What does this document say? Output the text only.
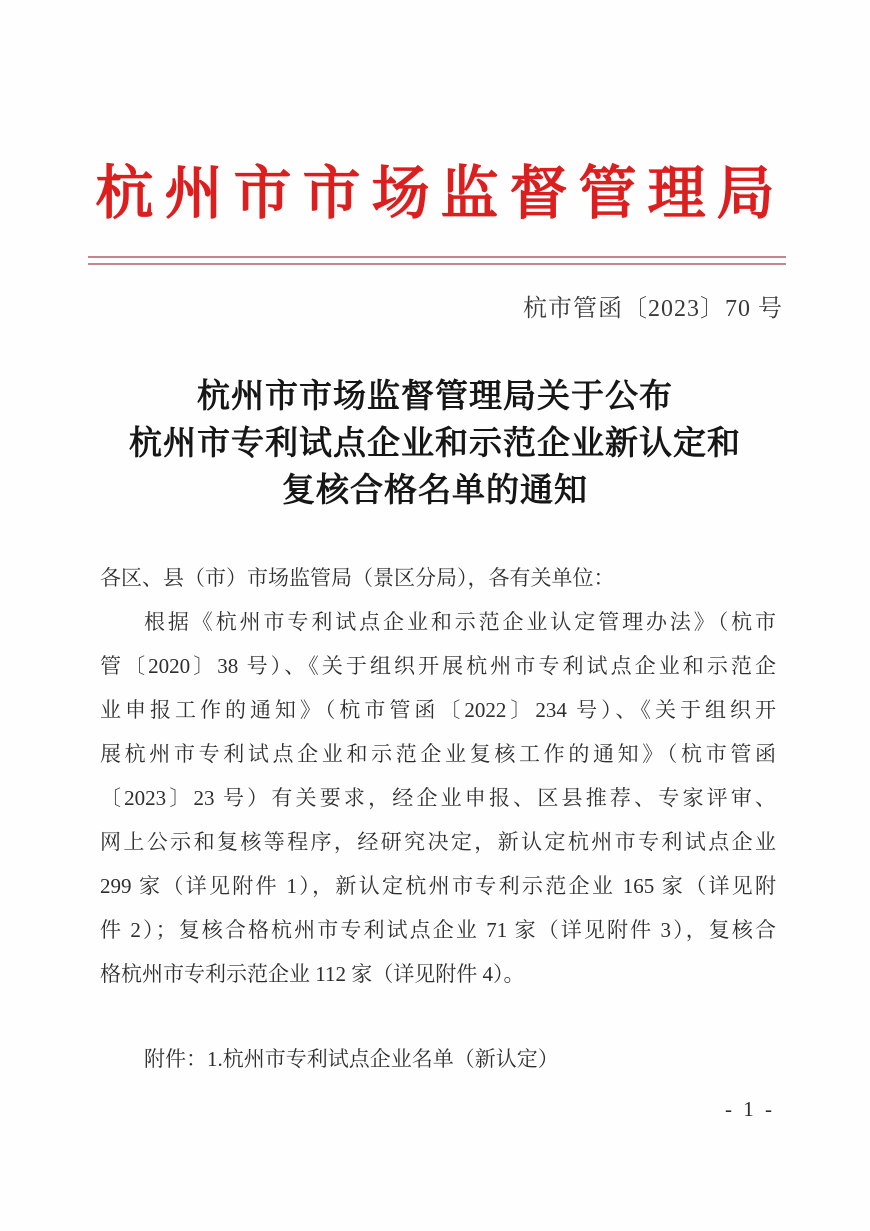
杭州市市场监督管理局
杭市管函〔2023〕70 号
杭州市市场监督管理局关于公布
杭州市专利试点企业和示范企业新认定和
复核合格名单的通知
各区、县（市）市场监管局（景区分局），各有关单位：
根据《杭州市专利试点企业和示范企业认定管理办法》（杭市
管〔2020〕38 号）、《关于组织开展杭州市专利试点企业和示范企
业申报工作的通知》（杭市管函〔2022〕234 号）、《关于组织开
展杭州市专利试点企业和示范企业复核工作的通知》（杭市管函
〔2023〕23 号）有关要求，经企业申报、区县推荐、专家评审、
网上公示和复核等程序，经研究决定，新认定杭州市专利试点企业
299 家（详见附件 1），新认定杭州市专利示范企业 165 家（详见附
件 2）；复核合格杭州市专利试点企业 71 家（详见附件 3），复核合
格杭州市专利示范企业 112 家（详见附件 4）。
附件：1.杭州市专利试点企业名单（新认定）
- 1 -
